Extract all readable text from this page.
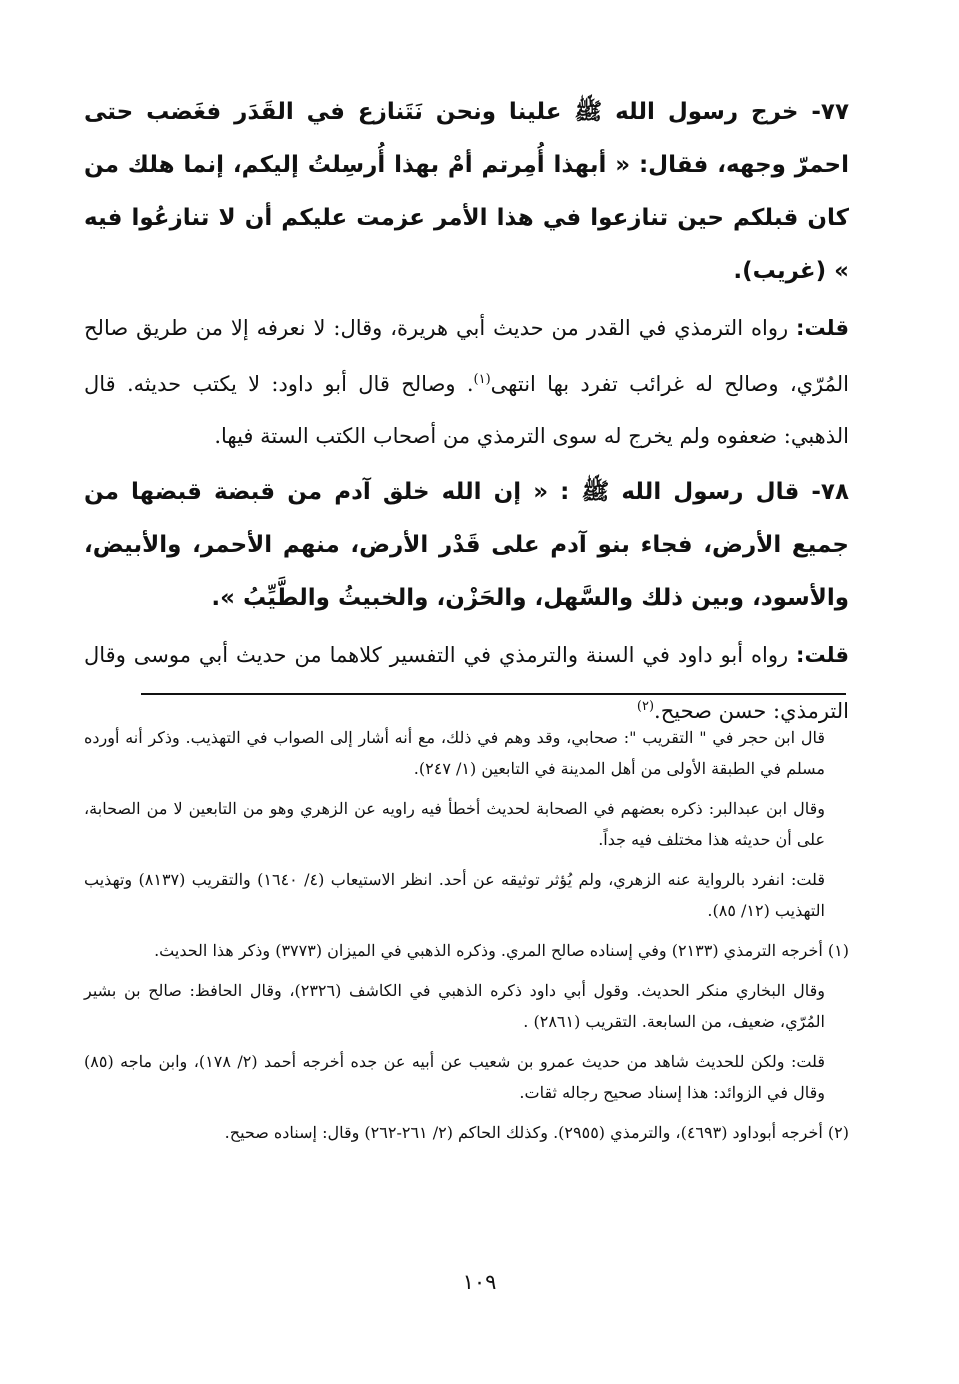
٧٧- خرج رسول الله ﷺ علينا ونحن نَتَنازع في القَدَر فغَضب حتى احمرّ وجهه، فقال: « أبهذا أُمِرتم أمْ بهذا أُرسِلتُ إليكم، إنما هلك من كان قبلكم حين تنازعوا في هذا الأمر عزمت عليكم أن لا تنازعُوا فيه » (غريب).

قلت: رواه الترمذي في القدر من حديث أبي هريرة، وقال: لا نعرفه إلا من طريق صالح المُرّي، وصالح له غرائب تفرد بها انتهى$^{(١)}$. وصالح قال أبو داود: لا يكتب حديثه. قال الذهبي: ضعفوه ولم يخرج له سوى الترمذي من أصحاب الكتب الستة فيها.

٧٨- قال رسول الله ﷺ : « إن الله خلق آدم من قبضة قبضها من جميع الأرض، فجاء بنو آدم على قَدْر الأرض، منهم الأحمر، والأبيض، والأسود، وبين ذلك والسَّهل، والحَزْن، والخبيثُ والطَّيِّبُ ».

قلت: رواه أبو داود في السنة والترمذي في التفسير كلاهما من حديث أبي موسى وقال الترمذي: حسن صحيح.$^{(٢)}$

قال ابن حجر في " التقريب ": صحابي، وقد وهم في ذلك، مع أنه أشار إلى الصواب في التهذيب. وذكر أنه أورده مسلم في الطبقة الأولى من أهل المدينة في التابعين (١/ ٢٤٧).

وقال ابن عبدالبر: ذكره بعضهم في الصحابة لحديث أخطأ فيه راويه عن الزهري وهو من التابعين لا من الصحابة، على أن حديثه هذا مختلف فيه جداً.

قلت: انفرد بالرواية عنه الزهري، ولم يُؤثر توثيقه عن أحد. انظر الاستيعاب (٤/ ١٦٤٠) والتقريب (٨١٣٧) وتهذيب التهذيب (١٢/ ٨٥).

(١) أخرجه الترمذي (٢١٣٣) وفي إسناده صالح المري. وذكره الذهبي في الميزان (٣٧٧٣) وذكر هذا الحديث.

وقال البخاري منكر الحديث. وقول أبي داود ذكره الذهبي في الكاشف (٢٣٢٦)، وقال الحافظ: صالح بن بشير المُرّي، ضعيف، من السابعة. التقريب (٢٨٦١) .

قلت: ولكن للحديث شاهد من حديث عمرو بن شعيب عن أبيه عن جده أخرجه أحمد (٢/ ١٧٨)، وابن ماجه (٨٥) وقال في الزوائد: هذا إسناد صحيح رجاله ثقات.

(٢) أخرجه أبوداود (٤٦٩٣)، والترمذي (٢٩٥٥). وكذلك الحاكم (٢/ ٢٦١-٢٦٢) وقال: إسناده صحيح.

١٠٩
